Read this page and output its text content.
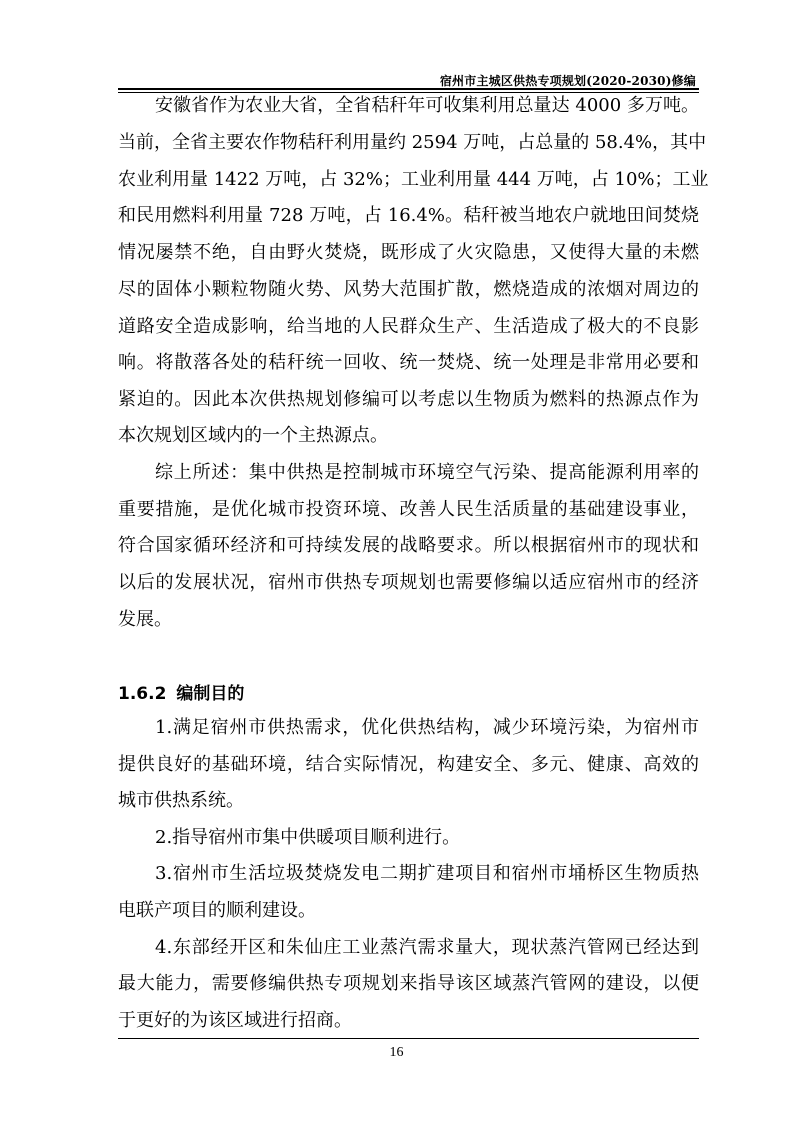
宿州市主城区供热专项规划(2020-2030)修编
安徽省作为农业大省，全省秸秆年可收集利用总量达 4000 多万吨。
当前，全省主要农作物秸秆利用量约 2594 万吨，占总量的 58.4%，其中
农业利用量 1422 万吨，占 32%；工业利用量 444 万吨，占 10%；工业
和民用燃料利用量 728 万吨，占 16.4%。秸秆被当地农户就地田间焚烧
情况屡禁不绝，自由野火焚烧，既形成了火灾隐患，又使得大量的未燃
尽的固体小颗粒物随火势、风势大范围扩散，燃烧造成的浓烟对周边的
道路安全造成影响，给当地的人民群众生产、生活造成了极大的不良影
响。将散落各处的秸秆统一回收、统一焚烧、统一处理是非常用必要和
紧迫的。因此本次供热规划修编可以考虑以生物质为燃料的热源点作为
本次规划区域内的一个主热源点。
综上所述：集中供热是控制城市环境空气污染、提高能源利用率的
重要措施，是优化城市投资环境、改善人民生活质量的基础建设事业，
符合国家循环经济和可持续发展的战略要求。所以根据宿州市的现状和
以后的发展状况，宿州市供热专项规划也需要修编以适应宿州市的经济
发展。
1.6.2 编制目的
1.满足宿州市供热需求，优化供热结构，减少环境污染，为宿州市
提供良好的基础环境，结合实际情况，构建安全、多元、健康、高效的
城市供热系统。
2.指导宿州市集中供暖项目顺利进行。
3.宿州市生活垃圾焚烧发电二期扩建项目和宿州市埇桥区生物质热
电联产项目的顺利建设。
4.东部经开区和朱仙庄工业蒸汽需求量大，现状蒸汽管网已经达到
最大能力，需要修编供热专项规划来指导该区域蒸汽管网的建设，以便
于更好的为该区域进行招商。
16
